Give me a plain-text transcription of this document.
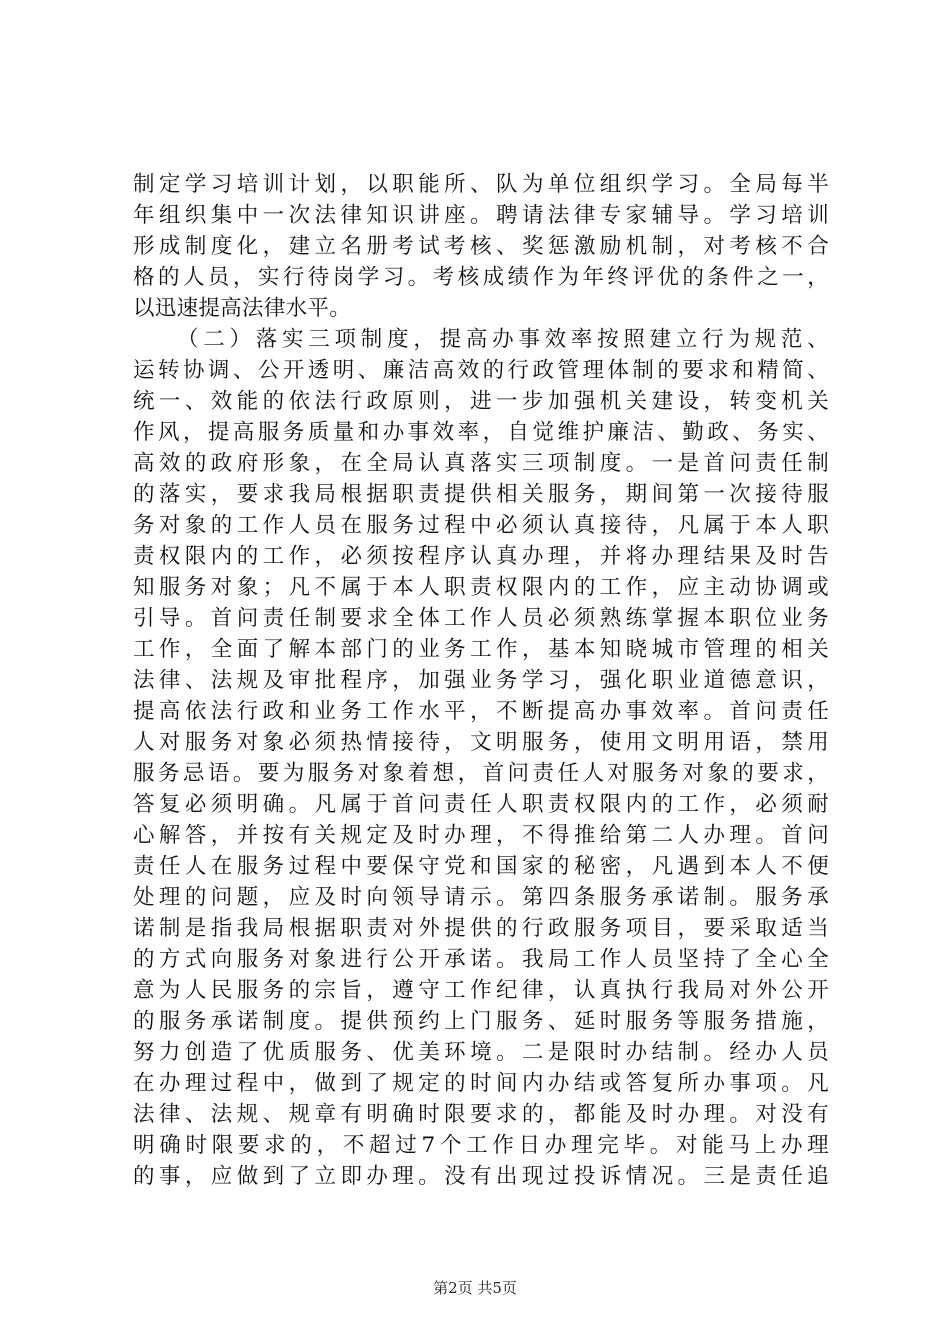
制定学习培训计划，以职能所、队为单位组织学习。全局每半
年组织集中一次法律知识讲座。聘请法律专家辅导。学习培训
形成制度化，建立名册考试考核、奖惩激励机制，对考核不合
格的人员，实行待岗学习。考核成绩作为年终评优的条件之一，
以迅速提高法律水平。
（二）落实三项制度，提高办事效率按照建立行为规范、
运转协调、公开透明、廉洁高效的行政管理体制的要求和精简、
统一、效能的依法行政原则，进一步加强机关建设，转变机关
作风，提高服务质量和办事效率，自觉维护廉洁、勤政、务实、
高效的政府形象，在全局认真落实三项制度。一是首问责任制
的落实，要求我局根据职责提供相关服务，期间第一次接待服
务对象的工作人员在服务过程中必须认真接待，凡属于本人职
责权限内的工作，必须按程序认真办理，并将办理结果及时告
知服务对象；凡不属于本人职责权限内的工作，应主动协调或
引导。首问责任制要求全体工作人员必须熟练掌握本职位业务
工作，全面了解本部门的业务工作，基本知晓城市管理的相关
法律、法规及审批程序，加强业务学习，强化职业道德意识，
提高依法行政和业务工作水平，不断提高办事效率。首问责任
人对服务对象必须热情接待，文明服务，使用文明用语，禁用
服务忌语。要为服务对象着想，首问责任人对服务对象的要求，
答复必须明确。凡属于首问责任人职责权限内的工作，必须耐
心解答，并按有关规定及时办理，不得推给第二人办理。首问
责任人在服务过程中要保守党和国家的秘密，凡遇到本人不便
处理的问题，应及时向领导请示。第四条服务承诺制。服务承
诺制是指我局根据职责对外提供的行政服务项目，要采取适当
的方式向服务对象进行公开承诺。我局工作人员坚持了全心全
意为人民服务的宗旨，遵守工作纪律，认真执行我局对外公开
的服务承诺制度。提供预约上门服务、延时服务等服务措施，
努力创造了优质服务、优美环境。二是限时办结制。经办人员
在办理过程中，做到了规定的时间内办结或答复所办事项。凡
法律、法规、规章有明确时限要求的，都能及时办理。对没有
明确时限要求的，不超过7个工作日办理完毕。对能马上办理
的事，应做到了立即办理。没有出现过投诉情况。三是责任追
第2页 共5页
